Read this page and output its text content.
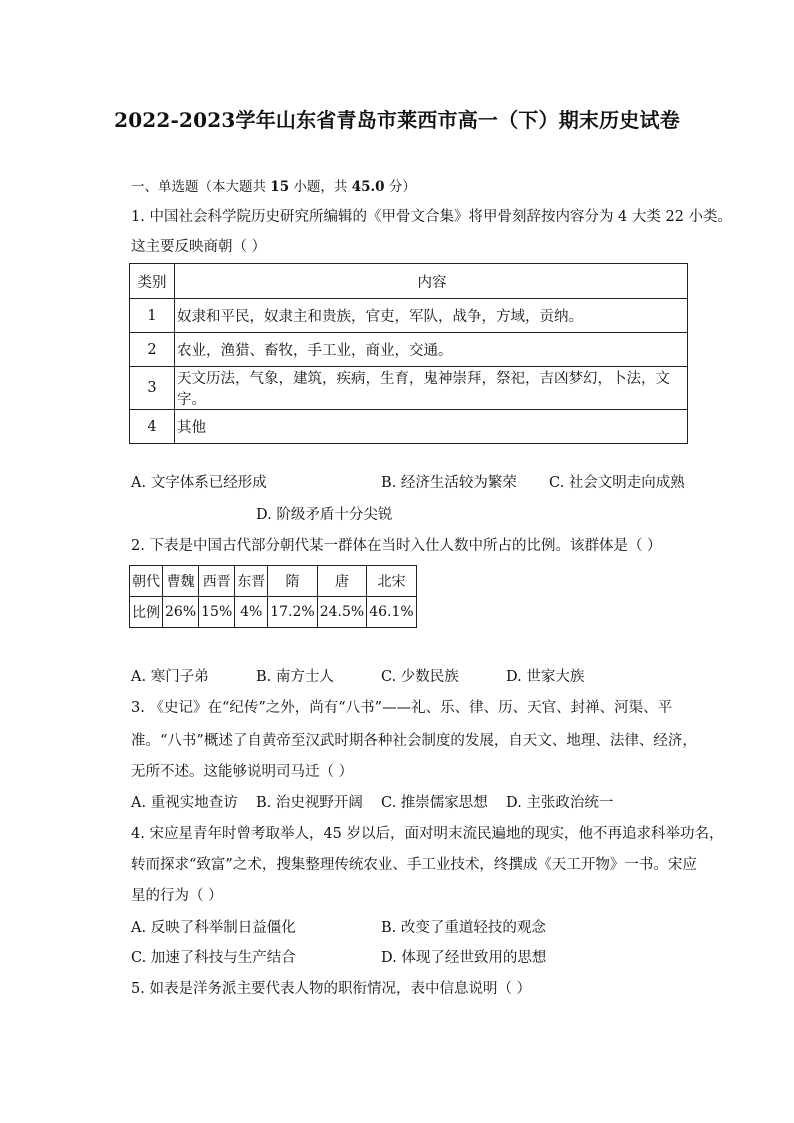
2022-2023学年山东省青岛市莱西市高一（下）期末历史试卷
一、单选题（本大题共 15 小题，共 45.0 分）
1. 中国社会科学院历史研究所编辑的《甲骨文合集》将甲骨刻辞按内容分为 4 大类 22 小类。
这主要反映商朝（ ）
类别	内容
1	奴隶和平民，奴隶主和贵族，官吏，军队，战争，方域，贡纳。
2	农业，渔猎、畜牧，手工业，商业，交通。
3	天文历法，气象，建筑，疾病，生育，鬼神崇拜，祭祀，吉凶梦幻，卜法，文字。
4	其他
A. 文字体系已经形成	B. 经济生活较为繁荣 C. 社会文明走向成熟
D. 阶级矛盾十分尖锐
2. 下表是中国古代部分朝代某一群体在当时入仕人数中所占的比例。该群体是（ ）
朝代	曹魏	西晋	东晋	隋	唐	北宋
比例	26%	15%	4%	17.2%	24.5%	46.1%
A. 寒门子弟	B. 南方士人	C. 少数民族	D. 世家大族
3. 《史记》在“纪传”之外，尚有“八书”——礼、乐、律、历、天官、封禅、河渠、平
准。“八书”概述了自黄帝至汉武时期各种社会制度的发展，自天文、地理、法律、经济，
无所不述。这能够说明司马迁（ ）
A. 重视实地查访 B. 治史视野开阔 C. 推崇儒家思想 D. 主张政治统一
4. 宋应星青年时曾考取举人，45 岁以后，面对明末流民遍地的现实，他不再追求科举功名，
转而探求“致富”之术，搜集整理传统农业、手工业技术，终撰成《天工开物》一书。宋应
星的行为（ ）
A. 反映了科举制日益僵化	B. 改变了重道轻技的观念
C. 加速了科技与生产结合	D. 体现了经世致用的思想
5. 如表是洋务派主要代表人物的职衔情况，表中信息说明（ ）
